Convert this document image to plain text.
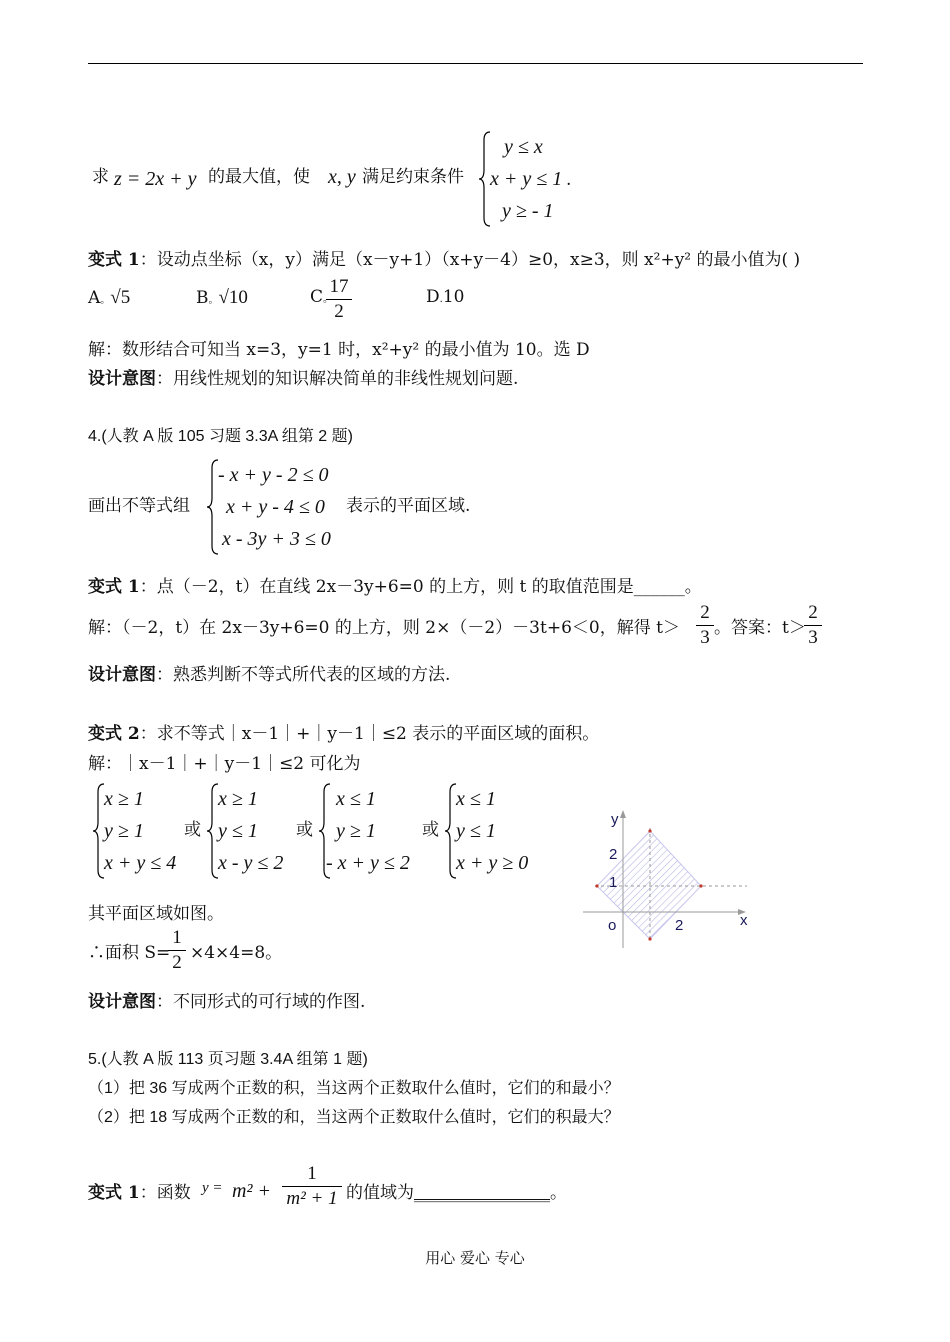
求 z = 2x + y 的最大值，使 x, y 满足约束条件
y ≤ x
x + y ≤ 1
y ≥ - 1
.
变式 1：设动点坐标（x，y）满足（x－y+1）（x+y－4）≥0，x≥3，则 x²+y² 的最小值为( )
A。√5	B。√10	C。
17
2
D.10
解：数形结合可知当 x=3，y=1 时，x²+y² 的最小值为 10。选 D
设计意图：用线性规划的知识解决简单的非线性规划问题.
4.(人教 A 版 105 习题 3.3A 组第 2 题)
画出不等式组
- x + y - 2 ≤ 0
x + y - 4 ≤ 0
x - 3y + 3 ≤ 0
表示的平面区域.
变式 1：点（－2，t）在直线 2x－3y+6=0 的上方，则 t 的取值范围是______。
解：（－2，t）在 2x－3y+6=0 的上方，则 2×（－2）－3t+6＜0，解得 t＞
2
3 。答案：t＞
2
3
设计意图：熟悉判断不等式所代表的区域的方法.
变式 2：求不等式｜x－1｜+｜y－1｜≤2 表示的平面区域的面积。
解：｜x－1｜+｜y－1｜≤2 可化为
x ≥ 1
y ≥ 1
x + y ≤ 4
或
x ≥ 1
y ≤ 1
x - y ≤ 2
或
x ≤ 1
y ≥ 1
- x + y ≤ 2
或
x ≤ 1
y ≤ 1
x + y ≥ 0
y
x
o
2
1
2
其平面区域如图。
∴面积 S=
1
2 ×4×4=8。
设计意图：不同形式的可行域的作图.
5.(人教 A 版 113 页习题 3.4A 组第 1 题)
（1）把 36 写成两个正数的积，当这两个正数取什么值时，它们的和最小？
（2）把 18 写成两个正数的和，当这两个正数取什么值时，它们的积最大？
变式 1：函数 y = m² +
1
m² + 1 的值域为________________。
用心 爱心 专心
